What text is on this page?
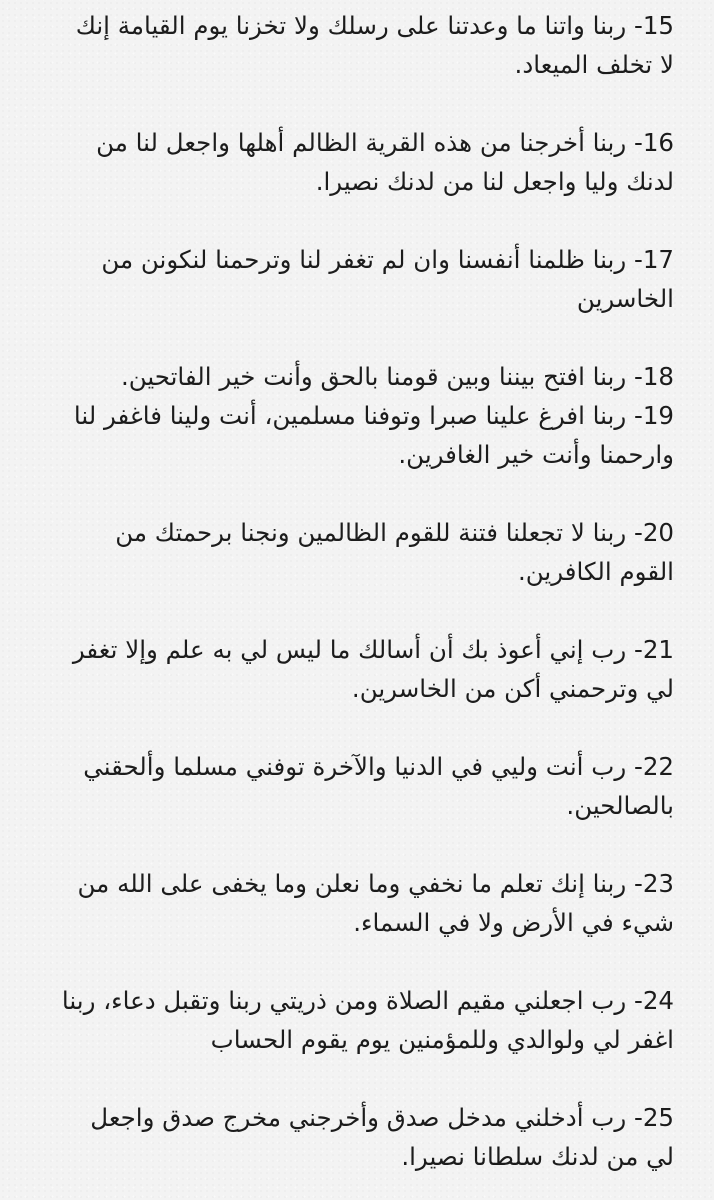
15- ربنا واتنا ما وعدتنا على رسلك ولا تخزنا يوم القيامة إنك
لا تخلف الميعاد.
16- ربنا أخرجنا من هذه القرية الظالم أهلها واجعل لنا من
لدنك وليا واجعل لنا من لدنك نصيرا.
17- ربنا ظلمنا أنفسنا وان لم تغفر لنا وترحمنا لنكونن من
الخاسرين
18- ربنا افتح بيننا وبين قومنا بالحق وأنت خير الفاتحين.
19- ربنا افرغ علينا صبرا وتوفنا مسلمين، أنت ولينا فاغفر لنا
وارحمنا وأنت خير الغافرين.
20- ربنا لا تجعلنا فتنة للقوم الظالمين ونجنا برحمتك من
القوم الكافرين.
21- رب إني أعوذ بك أن أسالك ما ليس لي به علم وإلا تغفر
لي وترحمني أكن من الخاسرين.
22- رب أنت وليي في الدنيا والآخرة توفني مسلما وألحقني
بالصالحين.
23- ربنا إنك تعلم ما نخفي وما نعلن وما يخفى على الله من
شيء في الأرض ولا في السماء.
24- رب اجعلني مقيم الصلاة ومن ذريتي ربنا وتقبل دعاء، ربنا
اغفر لي ولوالدي وللمؤمنين يوم يقوم الحساب
25- رب أدخلني مدخل صدق وأخرجني مخرج صدق واجعل
لي من لدنك سلطانا نصيرا.
